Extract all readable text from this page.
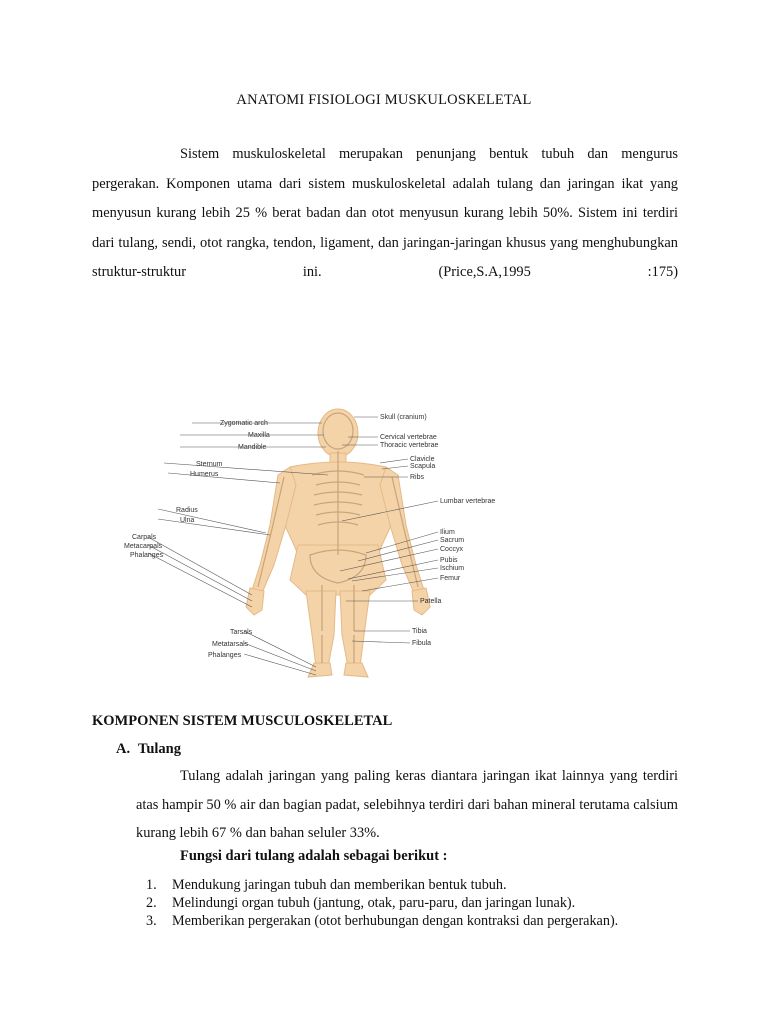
ANATOMI FISIOLOGI MUSKULOSKELETAL

Sistem muskuloskeletal merupakan penunjang bentuk tubuh dan mengurus pergerakan. Komponen utama dari sistem muskuloskeletal adalah tulang dan jaringan ikat yang menyusun kurang lebih 25 % berat badan dan otot menyusun kurang lebih 50%. Sistem ini terdiri dari tulang, sendi, otot rangka, tendon, ligament, dan jaringan-jaringan khusus yang menghubungkan struktur-struktur ini. (Price,S.A,1995 :175)

Zygomatic arch
Maxilla
Mandible
Sternum
Humerus
Radius
Ulna
Carpals
Metacarpals
Phalanges
Tarsals
Metatarsals
Phalanges
Skull (cranium)
Cervical vertebrae
Thoracic vertebrae
Clavicle
Scapula
Ribs
Lumbar vertebrae
Ilium
Sacrum
Coccyx
Pubis
Ischium
Femur
Patella
Tibia
Fibula
KOMPONEN SISTEM MUSCULOSKELETAL
A. Tulang

Tulang adalah jaringan yang paling keras diantara jaringan ikat lainnya yang terdiri atas hampir 50 % air dan bagian padat, selebihnya terdiri dari bahan mineral terutama calsium kurang lebih 67 % dan bahan seluler 33%.

Fungsi dari tulang adalah sebagai berikut :
1.	Mendukung jaringan tubuh dan memberikan bentuk tubuh.
2.	Melindungi organ tubuh (jantung, otak, paru-paru, dan jaringan lunak).
3.	Memberikan pergerakan (otot berhubungan dengan kontraksi dan pergerakan).
